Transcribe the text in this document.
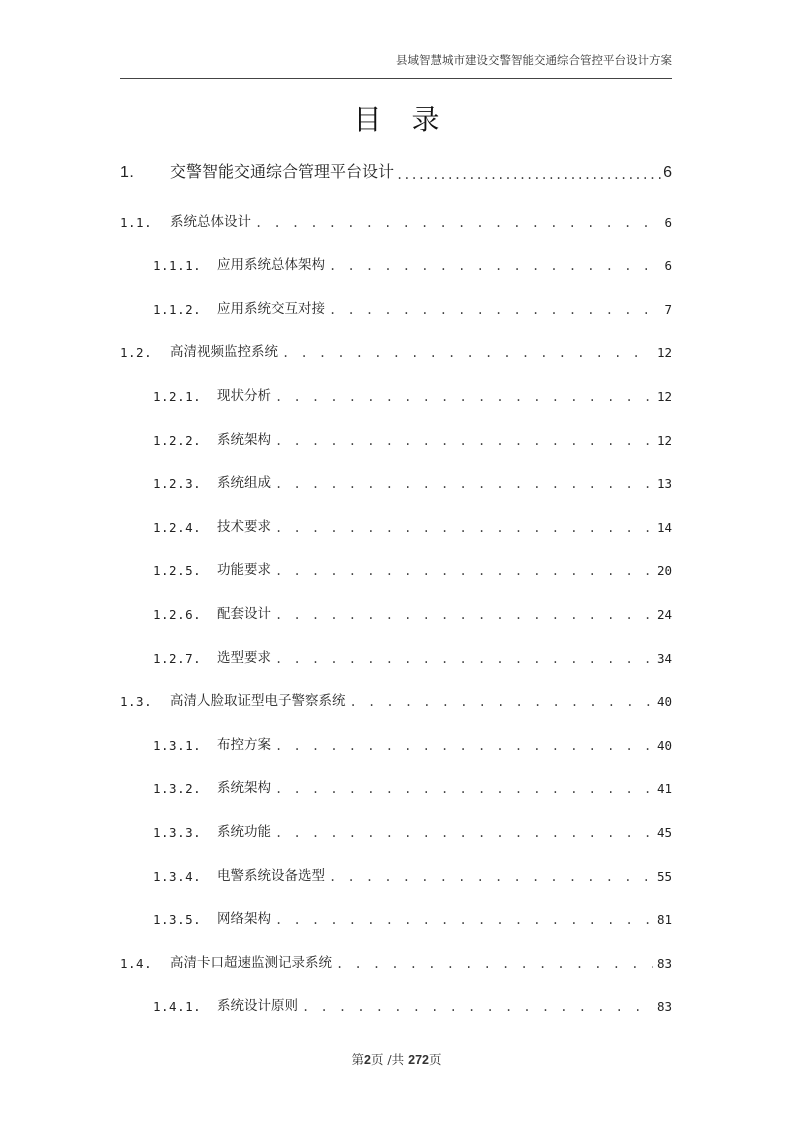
县域智慧城市建设交警智能交通综合管控平台设计方案
目录
1.	交警智能交通综合管理平台设计 .....	6
1.1.	系统总体设计 . . .	6
1.1.1.	应用系统总体架构 . . .	6
1.1.2.	应用系统交互对接 . . .	7
1.2.	高清视频监控系统 . . .	12
1.2.1.	现状分析 . . .	12
1.2.2.	系统架构 . . .	12
1.2.3.	系统组成 . . .	13
1.2.4.	技术要求 . . .	14
1.2.5.	功能要求 . . .	20
1.2.6.	配套设计 . . .	24
1.2.7.	选型要求 . . .	34
1.3.	高清人脸取证型电子警察系统 . . .	40
1.3.1.	布控方案 . . .	40
1.3.2.	系统架构 . . .	41
1.3.3.	系统功能 . . .	45
1.3.4.	电警系统设备选型 . . .	55
1.3.5.	网络架构 . . .	81
1.4.	高清卡口超速监测记录系统 . . .	83
1.4.1.	系统设计原则 . . .	83
第2页 /共 272页
